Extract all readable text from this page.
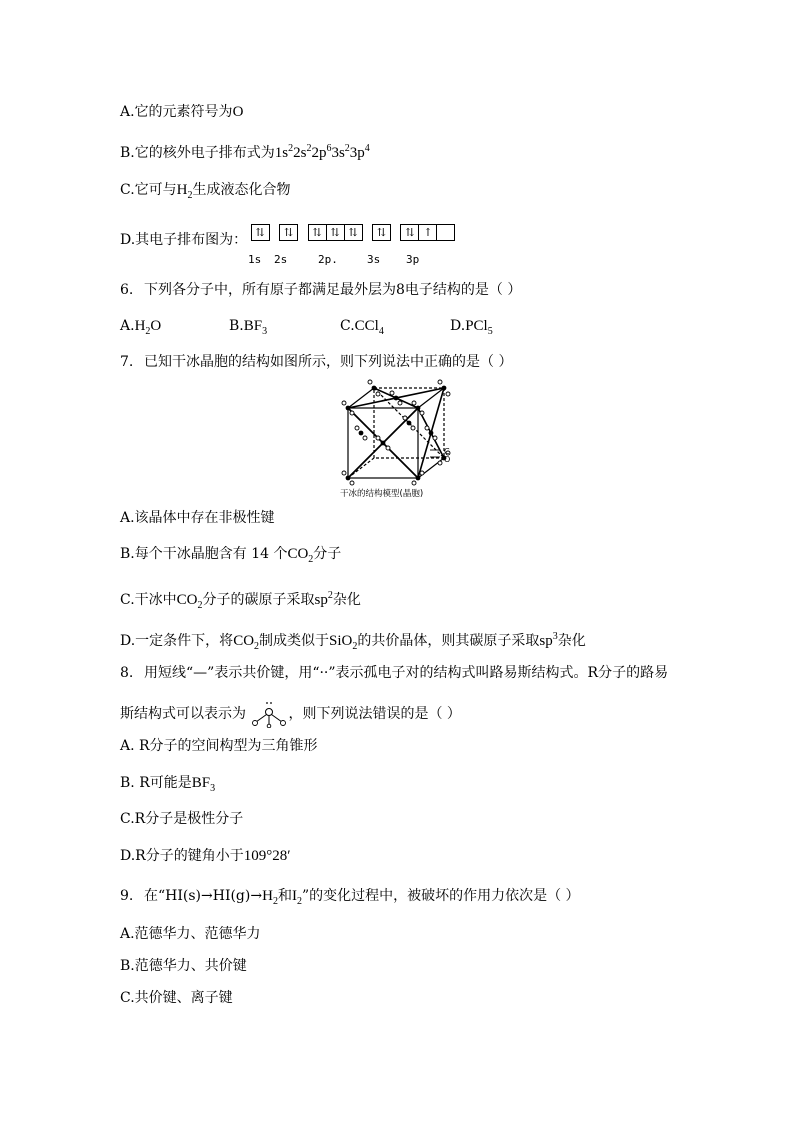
A.它的元素符号为O
B.它的核外电子排布式为$1s^22s^22p^63s^23p^4$
C.它可与$H_2$生成液态化合物
D.其电子排布图为： ⇅ ⇅ ⇅ ⇅ ⇅ ⇅ ⇅ ↑
1s 2s	2p.	3s 3p
6. 下列各分子中，所有原子都满足最外层为8电子结构的是（ ）
$A.H_2O$	$B.BF_3$	C.CCl$_4$	D.PCl$_5$
7. 已知干冰晶胞的结构如图所示，则下列说法中正确的是（ ）
C
O
干冰的结构模型(晶胞)
A.该晶体中存在非极性键
B.每个干冰晶胞含有 14 个$CO_2$分子
C.干冰中$CO_2$分子的碳原子采取$sp^2$杂化
D.一定条件下，将$CO_2$制成类似于SiO$_2$的共价晶体，则其碳原子采取$sp^3$杂化
8. 用短线“—”表示共价键，用“··”表示孤电子对的结构式叫路易斯结构式。R分子的路易
斯结构式可以表示为	，则下列说法错误的是（ ）
A. R分子的空间构型为三角锥形
B. R可能是$BF_3$
C.R分子是极性分子
D.R分子的键角小于109°28′
9. 在“$HI(s)\to HI(g)\to H_2$和$I_2$”的变化过程中，被破坏的作用力依次是（ ）
A.范德华力、范德华力
B.范德华力、共价键
C.共价键、离子键
